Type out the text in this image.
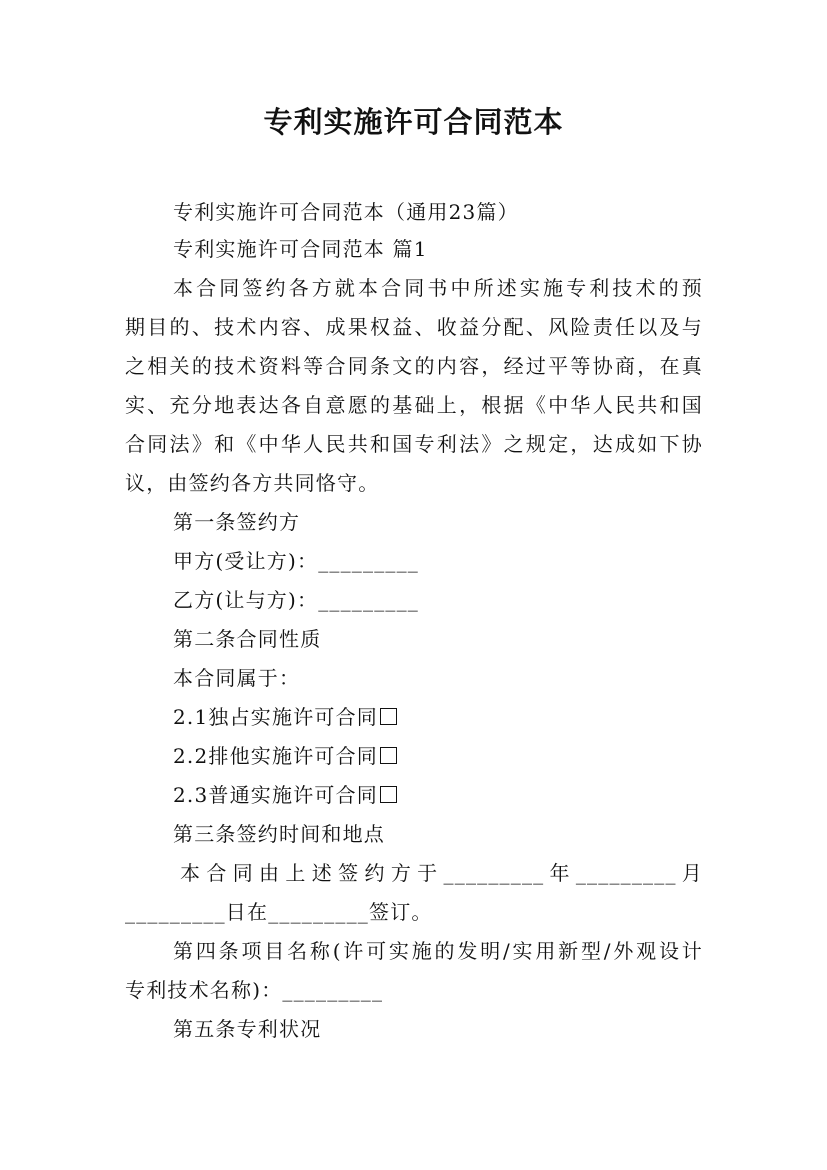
专利实施许可合同范本
专利实施许可合同范本（通用23篇）
专利实施许可合同范本 篇1
本合同签约各方就本合同书中所述实施专利技术的预
期目的、技术内容、成果权益、收益分配、风险责任以及与
之相关的技术资料等合同条文的内容，经过平等协商，在真
实、充分地表达各自意愿的基础上，根据《中华人民共和国
合同法》和《中华人民共和国专利法》之规定，达成如下协
议，由签约各方共同恪守。
第一条签约方
甲方(受让方)：_________
乙方(让与方)：_________
第二条合同性质
本合同属于：
2.1独占实施许可合同
2.2排他实施许可合同
2.3普通实施许可合同
第三条签约时间和地点
本合同由上述签约方于_________年_________月
_________日在_________签订。
第四条项目名称(许可实施的发明/实用新型/外观设计
专利技术名称)：_________
第五条专利状况
